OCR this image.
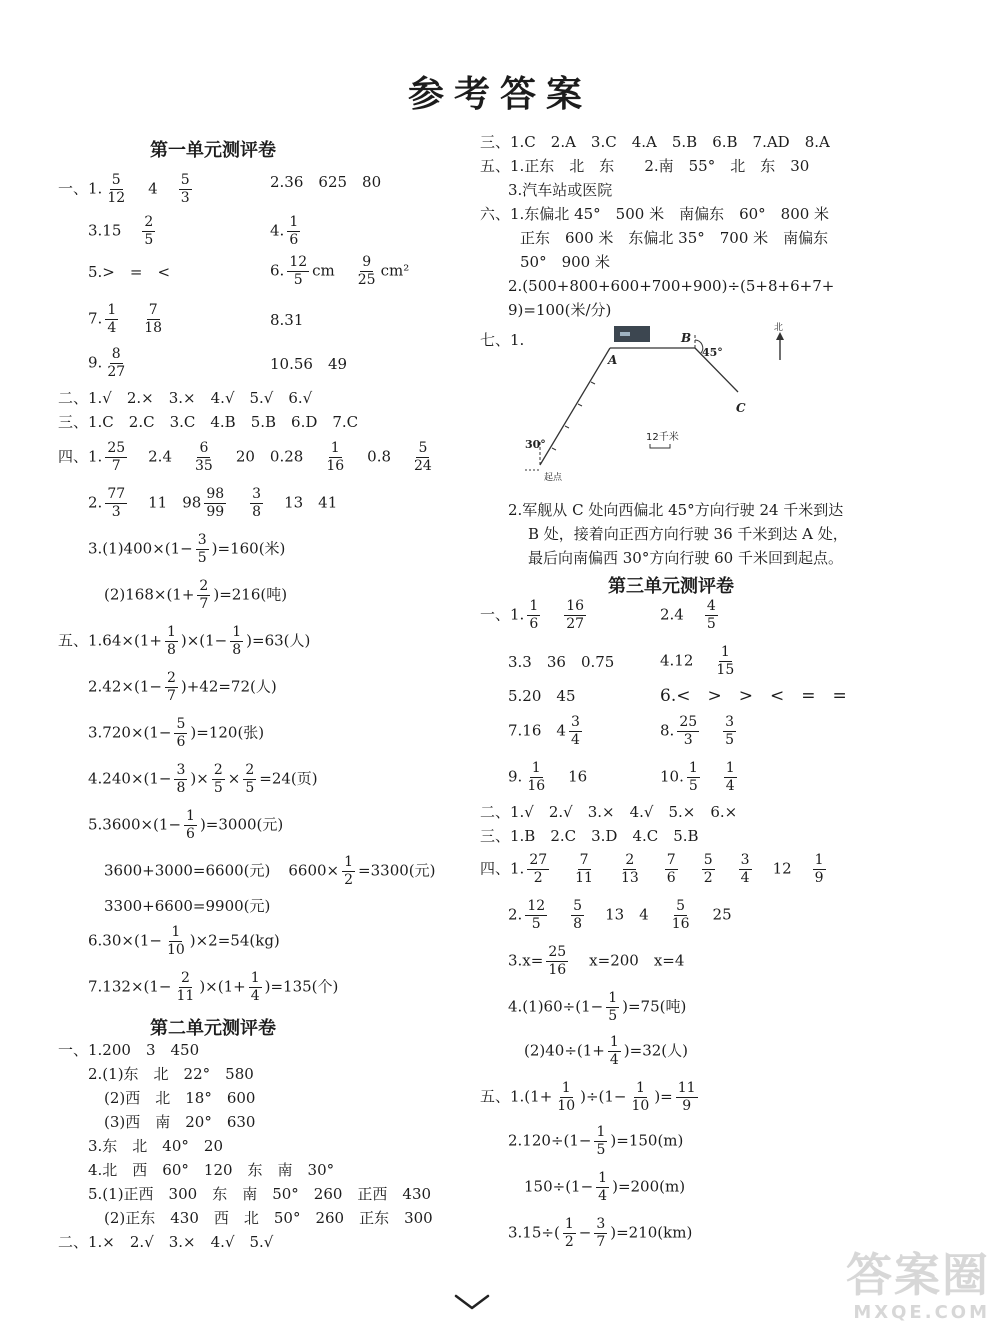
参考答案
第一单元测评卷
一、1. $\frac{5}{12} 4 \frac{5}{3}$	2.36　625　80
$3.15 \frac{2}{5}$	4. $\frac{1}{6}$
5.>　=　<	6. $\frac{12}{5}$ cm $\frac{9}{25} cm^2$
7. $\frac{1}{4} \frac{7}{18}$	8.31
9. $\frac{8}{27}$	10.56　49
二、1.√　2.×　3.×　4.√　5.√　6.√
三、1.C　2.C　3.C　4.B　5.B　6.D　7.C
四、1. $\frac{25}{7} 2.4 \frac{6}{35} 20$　$0.28 \frac{1}{16} 0.8 \frac{5}{24}$
2. $\frac{77}{3} 11$　$98 \frac{98}{99} \frac{3}{8} 13$　41
$3.(1)400\times(1- \frac{3}{5} )=160$(米)
$(2)168\times(1+ \frac{2}{7} )=216$(吨)
五、$1.64\times(1+ \frac{1}{8} )\times(1- \frac{1}{8} )=63$(人)
$2.42\times(1- \frac{2}{7} )+42=72$(人)
$3.720\times(1- \frac{5}{6} )=120$(张)
$4.240\times(1- \frac{3}{8}$ )× $\frac{2}{5} \times \frac{2}{5} =24$(页)
$5.3600\times(1- \frac{1}{6} )=3000$(元)
3600+3000=6600(元) $6600\times \frac{1}{2} =3300$(元)
3300+6600=9900(元)
$6.30\times(1- \frac{1}{10} )\times 2=54(kg)$
$7.132\times(1- \frac{2}{11} )\times(1+ \frac{1}{4} )=135$(个)
第二单元测评卷
一、1.200　3　450
2.(1)东　北　22°　580
(2)西　北　18°　600
(3)西　南　20°　630
3.东　北　40°　20
4.北　西　60°　120　东　南　30°
5.(1)正西　300　东　南　50°　260　正西　430
(2)正东　430　西　北　50°　260　正东　300
二、1.×　2.√　3.×　4.√　5.√
三、1.C　2.A　3.C　4.A　5.B　6.B　7.AD　8.A
五、1.正东　北　东　　2.南　55°　北　东　30
3.汽车站或医院
六、1.东偏北 45°　500 米　南偏东　60°　800 米
正东　600 米　东偏北 35°　700 米　南偏东
50°　900 米
2.(500+800+600+700+900)÷(5+8+6+7+
9)=100(米/分)
七、1.
A
B
C
45°
30°
12千米
北
起点
2.军舰从 C 处向西偏北 45°方向行驶 24 千米到达
B 处，接着向正西方向行驶 36 千米到达 A 处，
最后向南偏西 30°方向行驶 60 千米回到起点。
第三单元测评卷
一、1. $\frac{1}{6} \frac{16}{27}$	$2.4 \frac{4}{5}$
3.3　36　0.75	$4.12 \frac{1}{15}$
5.20　45	6.<　>　>　<　=　=
7.16　$4 \frac{3}{4}$	8. $\frac{25}{3} \frac{3}{5}$
9. $\frac{1}{16} 16$	10. $\frac{1}{5} \frac{1}{4}$
二、1.√　2.√　3.×　4.√　5.×　6.×
三、1.B　2.C　3.D　4.C　5.B
四、1. $\frac{27}{2} \frac{7}{11} \frac{2}{13} \frac{7}{6} \frac{5}{2} \frac{3}{4} 12 \frac{1}{9}$
2. $\frac{12}{5} \frac{5}{8} 13$　$4 \frac{5}{16} 25$
$3.x= \frac{25}{16} x=200$　x=4
$4.(1)60\div(1- \frac{1}{5} )=75$(吨)
$(2)40\div(1+ \frac{1}{4} )=32$(人)
五、$1.(1+ \frac{1}{10} )\div(1- \frac{1}{10}$ )= $\frac{11}{9}$
$2.120\div(1- \frac{1}{5} )=150(m)$
$150\div(1- \frac{1}{4} )=200(m)$
$3.15\div( \frac{1}{2} - \frac{3}{7} )=210(km)$
答案圈
MXQE.COM
